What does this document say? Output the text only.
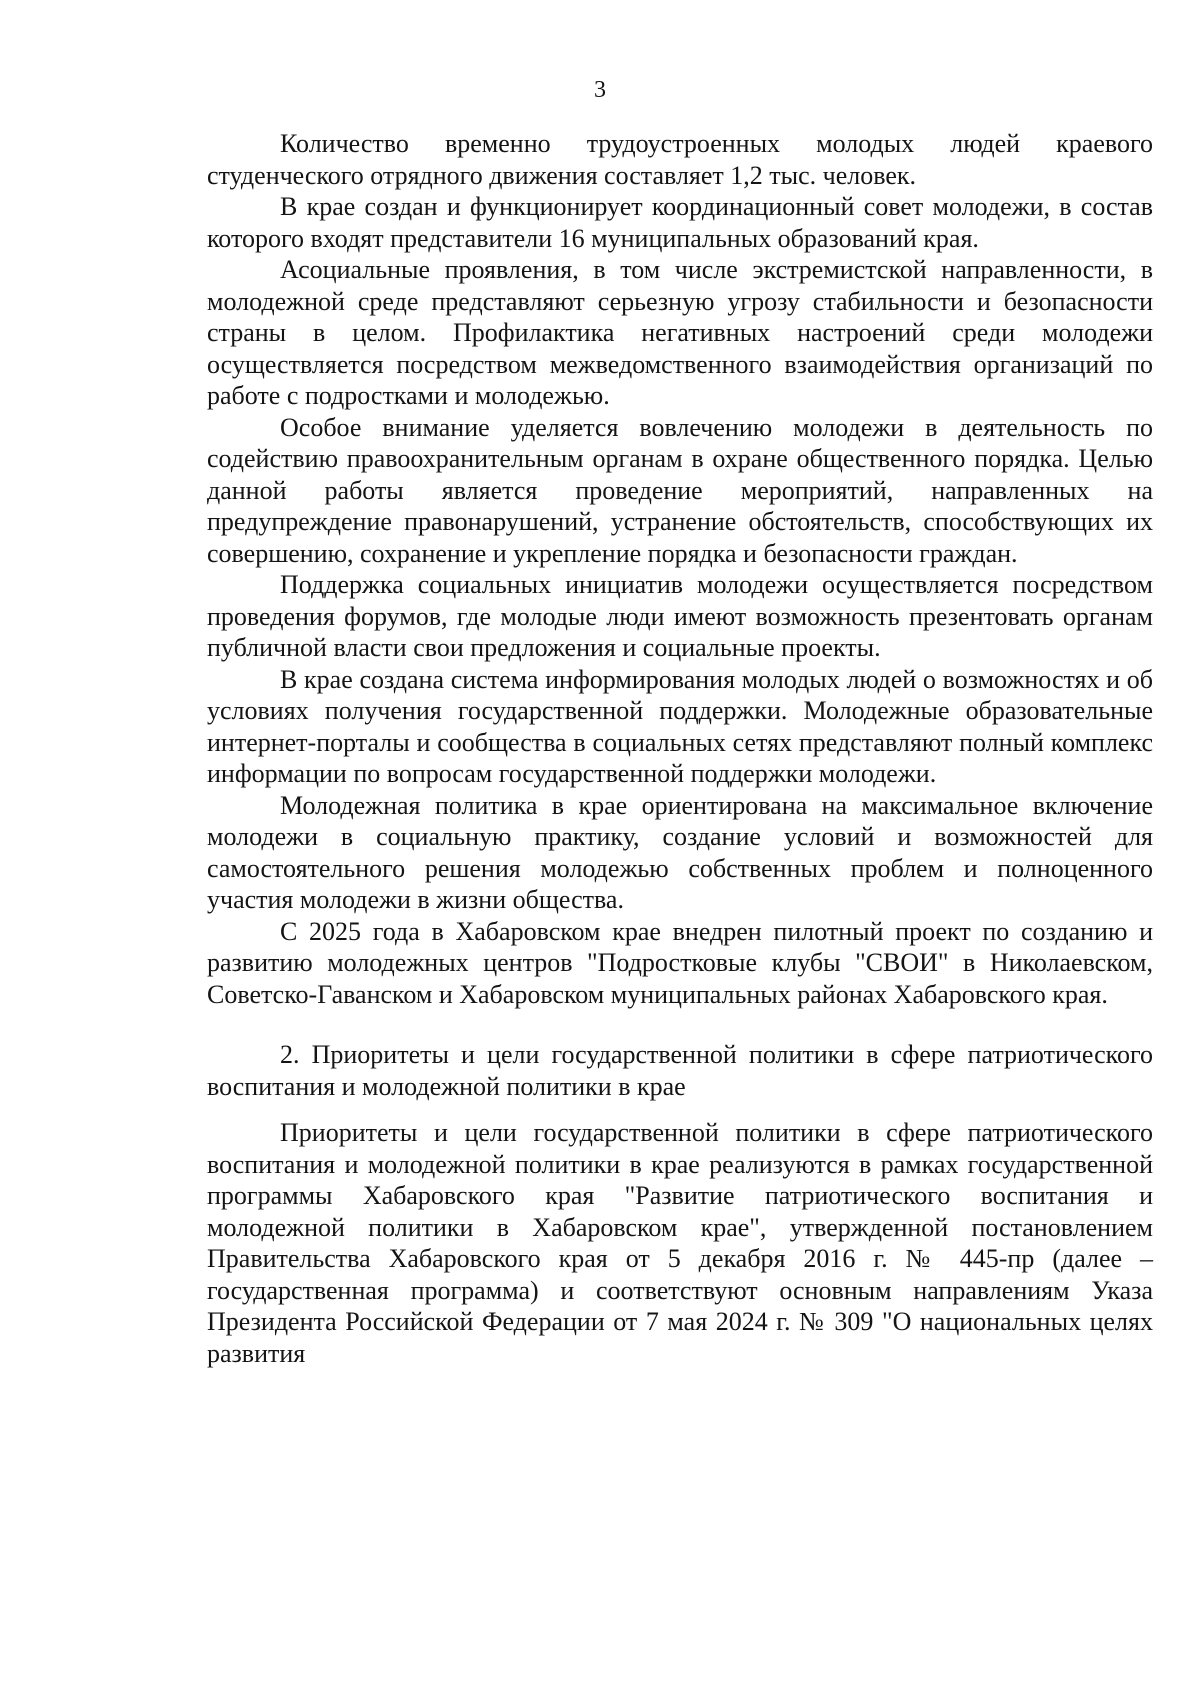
3

Количество временно трудоустроенных молодых людей краевого студенческого отрядного движения составляет 1,2 тыс. человек.

В крае создан и функционирует координационный совет молодежи, в состав которого входят представители 16 муниципальных образований края.

Асоциальные проявления, в том числе экстремистской направленности, в молодежной среде представляют серьезную угрозу стабильности и безопасности страны в целом. Профилактика негативных настроений среди молодежи осуществляется посредством межведомственного взаимодействия организаций по работе с подростками и молодежью.

Особое внимание уделяется вовлечению молодежи в деятельность по содействию правоохранительным органам в охране общественного порядка. Целью данной работы является проведение мероприятий, направленных на предупреждение правонарушений, устранение обстоятельств, способствующих их совершению, сохранение и укрепление порядка и безопасности граждан.

Поддержка социальных инициатив молодежи осуществляется посредством проведения форумов, где молодые люди имеют возможность презентовать органам публичной власти свои предложения и социальные проекты.

В крае создана система информирования молодых людей о возможностях и об условиях получения государственной поддержки. Молодежные образовательные интернет-порталы и сообщества в социальных сетях представляют полный комплекс информации по вопросам государственной поддержки молодежи.

Молодежная политика в крае ориентирована на максимальное включение молодежи в социальную практику, создание условий и возможностей для самостоятельного решения молодежью собственных проблем и полноценного участия молодежи в жизни общества.

С 2025 года в Хабаровском крае внедрен пилотный проект по созданию и развитию молодежных центров "Подростковые клубы "СВОИ" в Николаевском, Советско-Гаванском и Хабаровском муниципальных районах Хабаровского края.

2. Приоритеты и цели государственной политики в сфере патриотического воспитания и молодежной политики в крае

Приоритеты и цели государственной политики в сфере патриотического воспитания и молодежной политики в крае реализуются в рамках государственной программы Хабаровского края "Развитие патриотического воспитания и молодежной политики в Хабаровском крае", утвержденной постановлением Правительства Хабаровского края от 5 декабря 2016 г. № 445-пр (далее – государственная программа) и соответствуют основным направлениям Указа Президента Российской Федерации от 7 мая 2024 г. № 309 "О национальных целях развития
